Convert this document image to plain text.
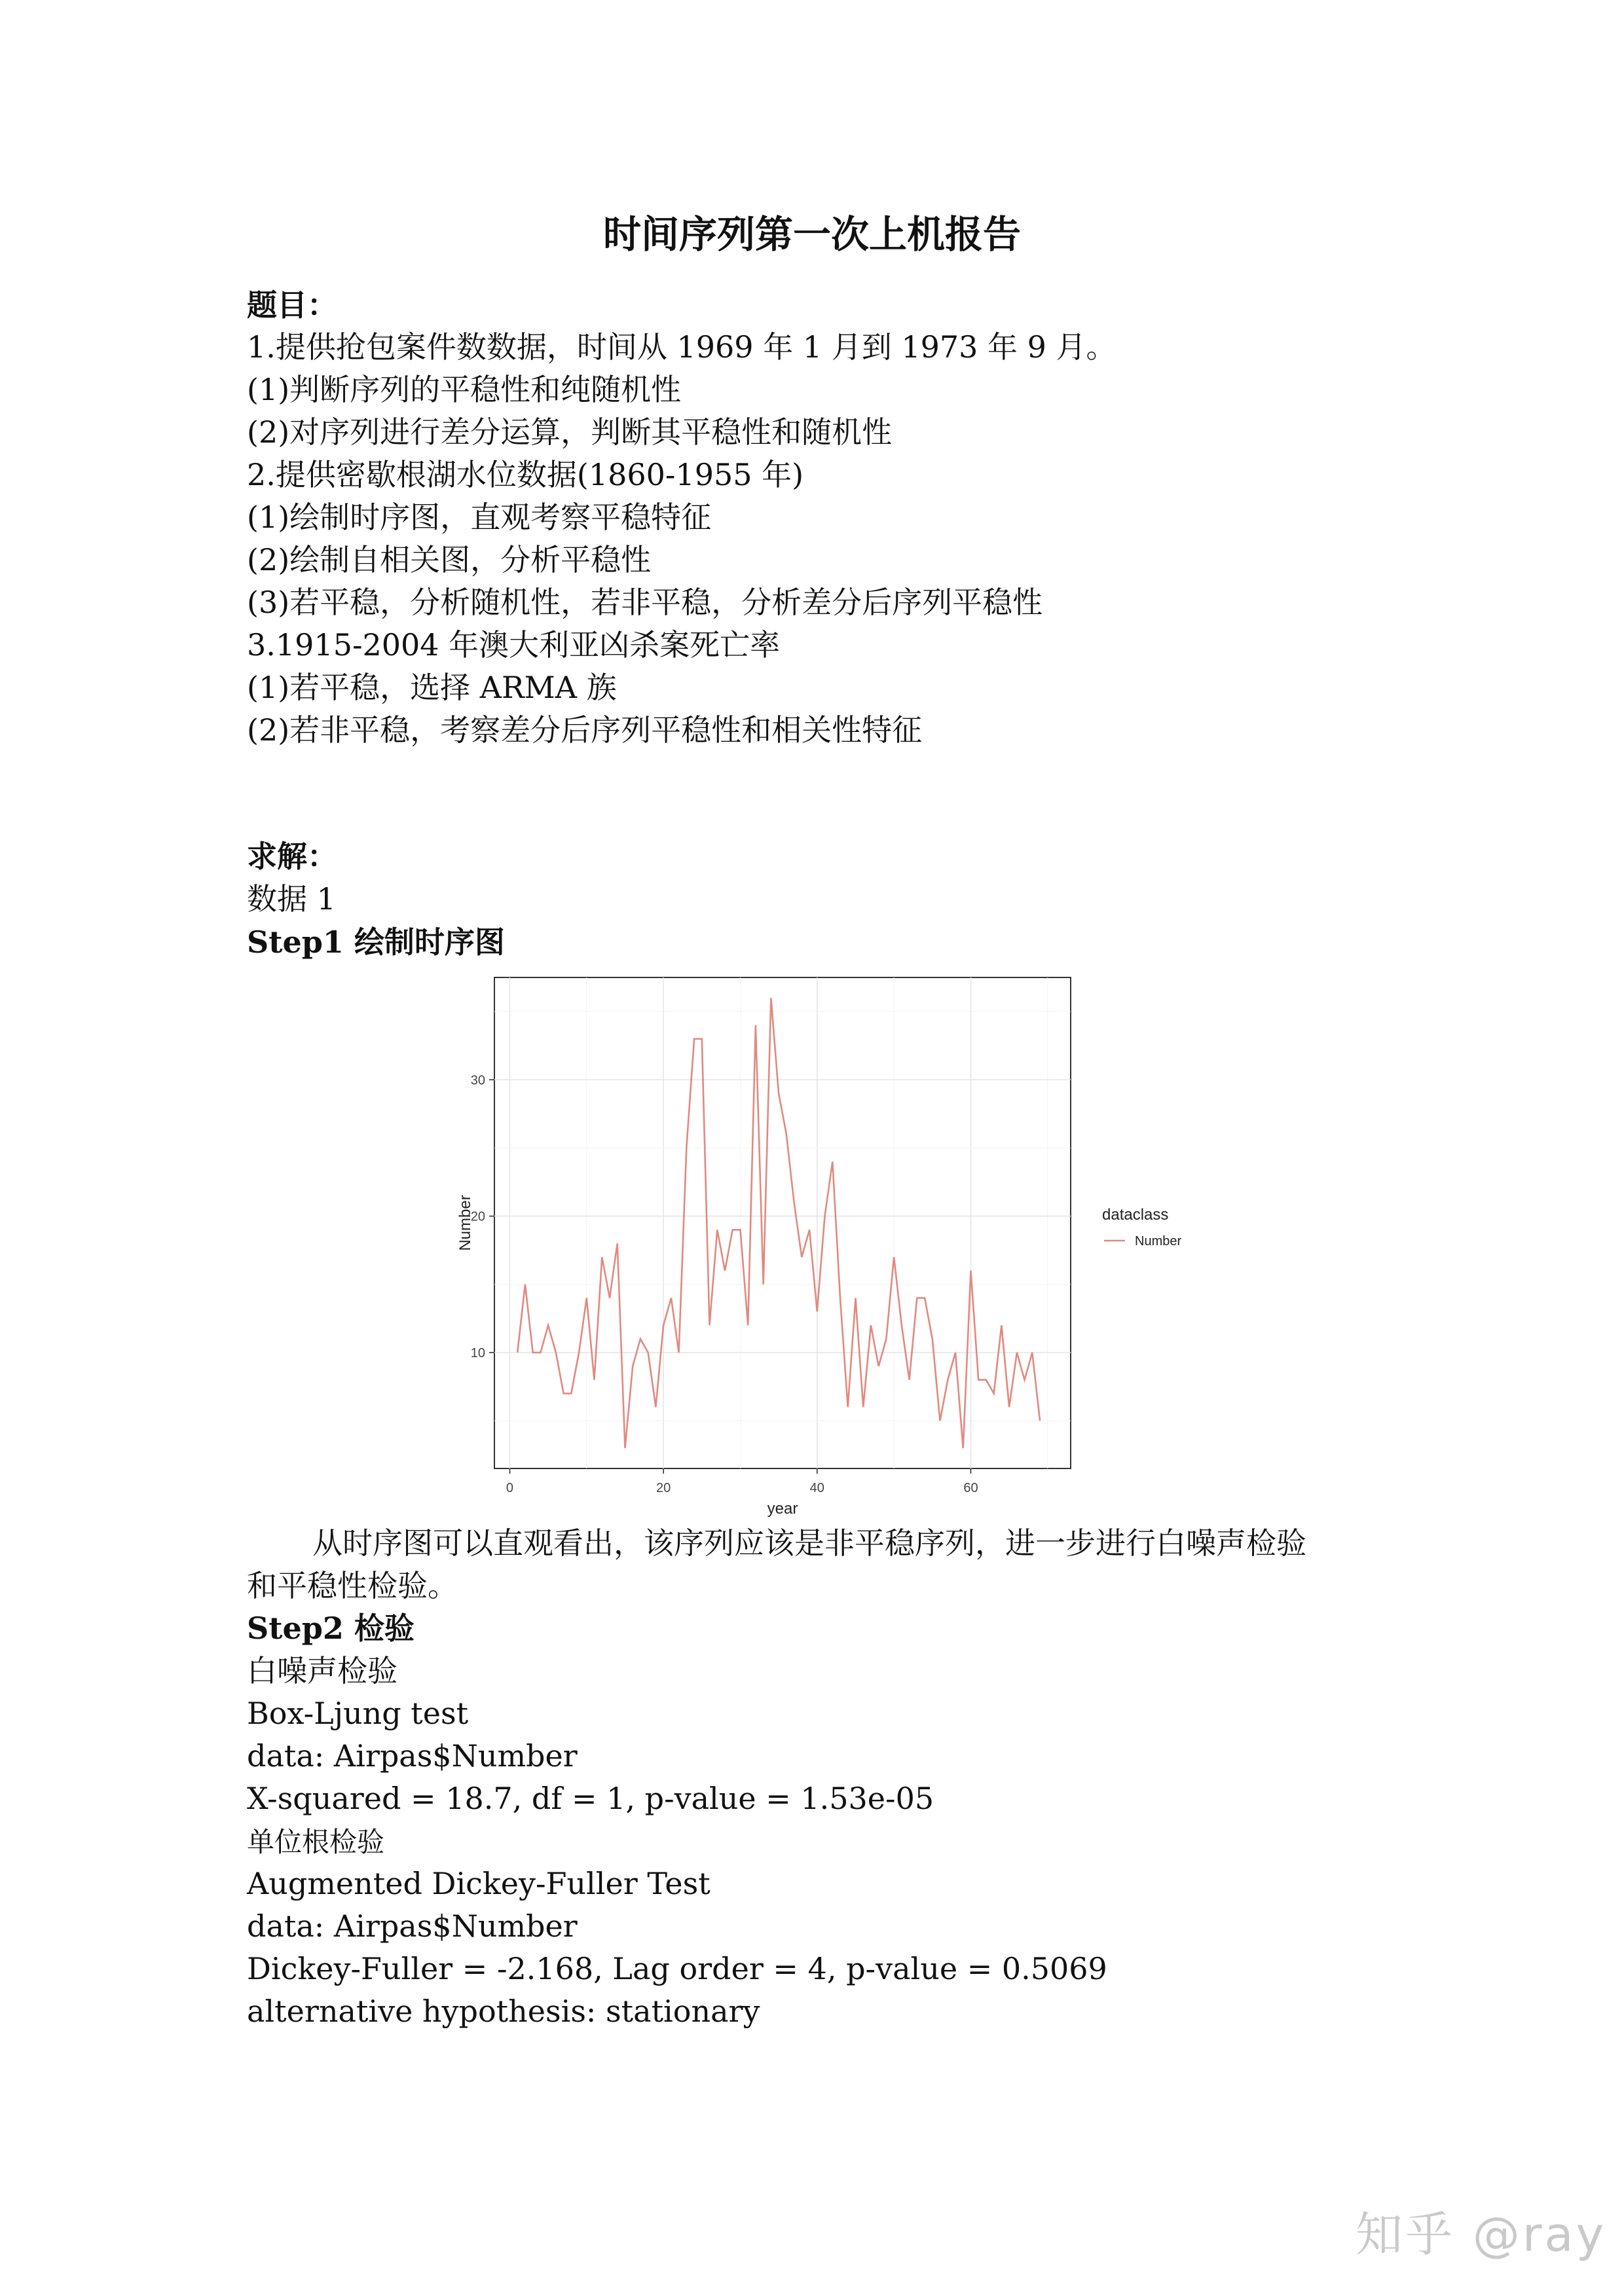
时间序列第一次上机报告
题目：
1.提供抢包案件数数据，时间从 1969 年 1 月到 1973 年 9 月。
(1)判断序列的平稳性和纯随机性
(2)对序列进行差分运算，判断其平稳性和随机性
2.提供密歇根湖水位数据(1860-1955 年)
(1)绘制时序图，直观考察平稳特征
(2)绘制自相关图，分析平稳性
(3)若平稳，分析随机性，若非平稳，分析差分后序列平稳性
3.1915-2004 年澳大利亚凶杀案死亡率
(1)若平稳，选择 ARMA 族
(2)若非平稳，考察差分后序列平稳性和相关性特征
求解：
数据 1
Step1 绘制时序图
0	20	40	60
10
20
30
year
Number	dataclass
Number
从时序图可以直观看出，该序列应该是非平稳序列，进一步进行白噪声检验
和平稳性检验。
Step2 检验
白噪声检验
Box-Ljung test
data: Airpas$Number
X-squared = 18.7, df = 1, p-value = 1.53e-05
单位根检验
Augmented Dickey-Fuller Test
data: Airpas$Number
Dickey-Fuller = -2.168, Lag order = 4, p-value = 0.5069
alternative hypothesis: stationary
知乎 @ray
